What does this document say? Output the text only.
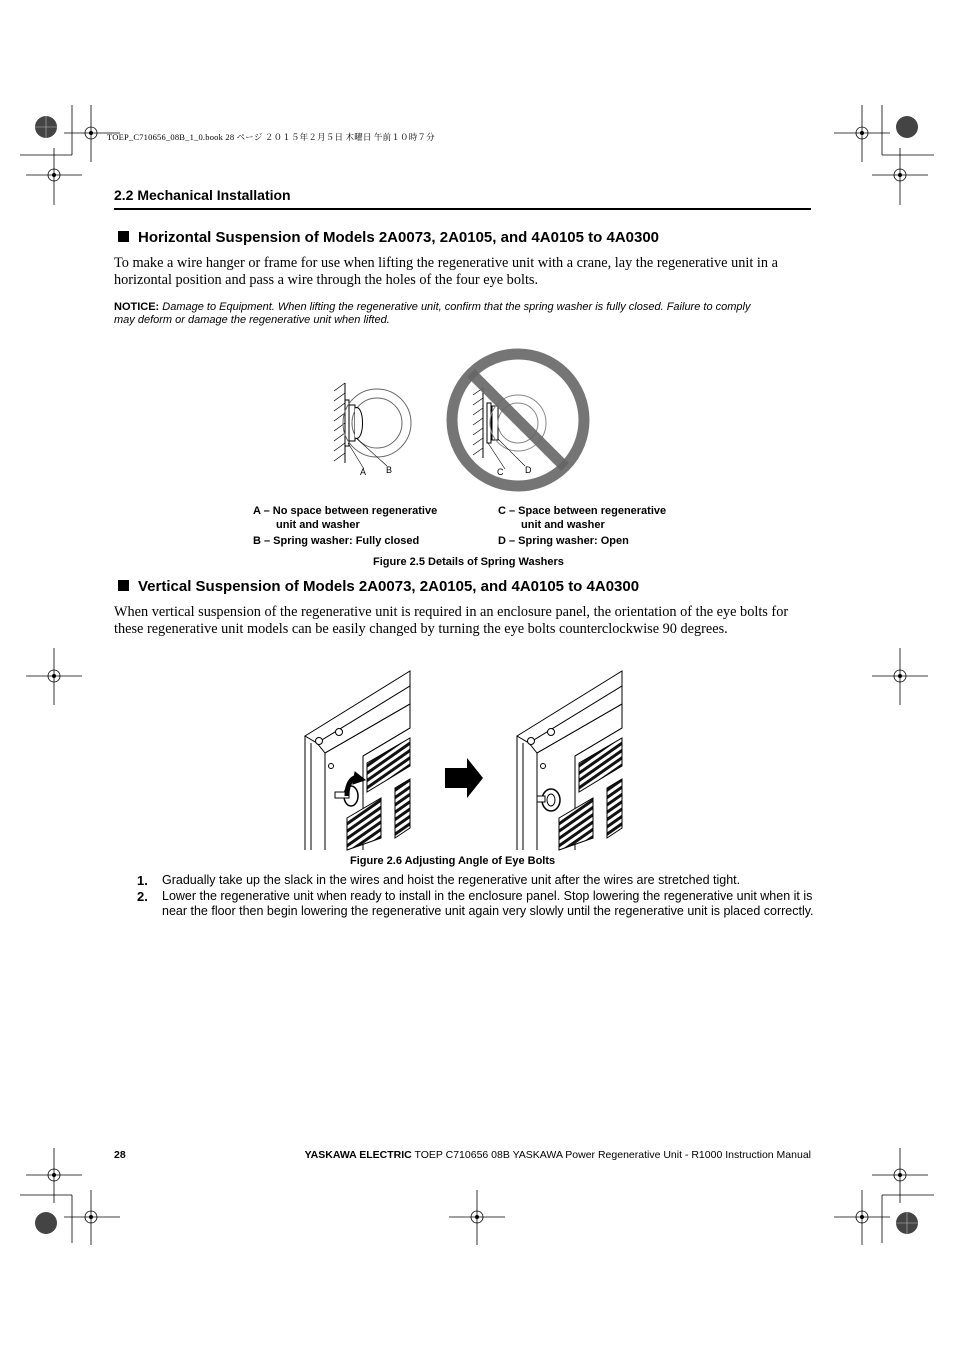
TOEP_C710656_08B_1_0.book 28 ページ ２０１５年２月５日 木曜日 午前１０時７分
2.2 Mechanical Installation
Horizontal Suspension of Models 2A0073, 2A0105, and 4A0105 to 4A0300
To make a wire hanger or frame for use when lifting the regenerative unit with a crane, lay the regenerative unit in a
horizontal position and pass a wire through the holes of the four eye bolts.
NOTICE: Damage to Equipment. When lifting the regenerative unit, confirm that the spring washer is fully closed. Failure to comply
may deform or damage the regenerative unit when lifted.
A B	C D
A – No space between regenerative
unit and washer
B – Spring washer: Fully closed
C – Space between regenerative
unit and washer
D – Spring washer: Open
Figure 2.5 Details of Spring Washers
Vertical Suspension of Models 2A0073, 2A0105, and 4A0105 to 4A0300
When vertical suspension of the regenerative unit is required in an enclosure panel, the orientation of the eye bolts for
these regenerative unit models can be easily changed by turning the eye bolts counterclockwise 90 degrees.
Figure 2.6 Adjusting Angle of Eye Bolts
1. Gradually take up the slack in the wires and hoist the regenerative unit after the wires are stretched tight.
2. Lower the regenerative unit when ready to install in the enclosure panel. Stop lowering the regenerative unit when it is near the floor then begin lowering the regenerative unit again very slowly until the regenerative unit is placed correctly.
28	YASKAWA ELECTRIC TOEP C710656 08B YASKAWA Power Regenerative Unit - R1000 Instruction Manual
